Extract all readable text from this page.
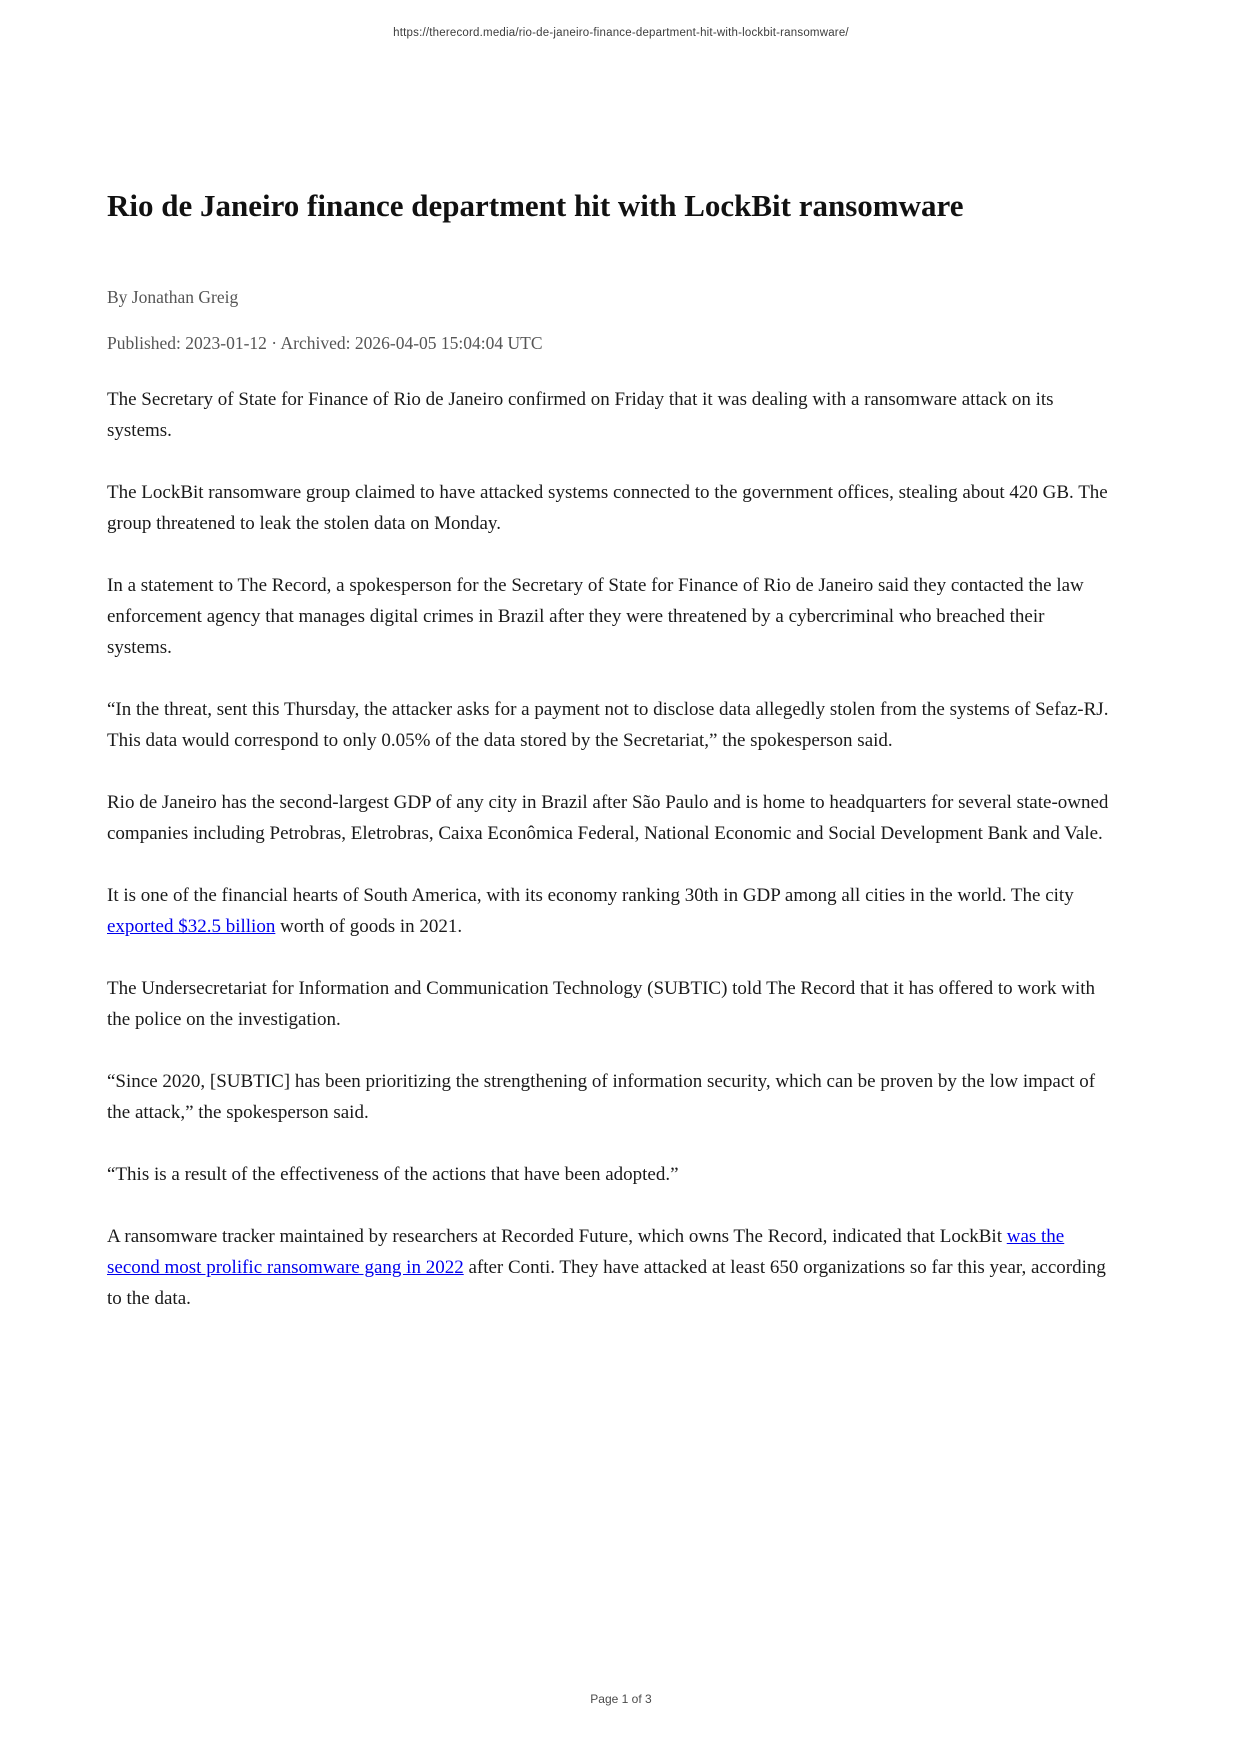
https://therecord.media/rio-de-janeiro-finance-department-hit-with-lockbit-ransomware/
Rio de Janeiro finance department hit with LockBit ransomware

By Jonathan Greig

Published: 2023-01-12 · Archived: 2026-04-05 15:04:04 UTC

The Secretary of State for Finance of Rio de Janeiro confirmed on Friday that it was dealing with a ransomware attack on its systems.

The LockBit ransomware group claimed to have attacked systems connected to the government offices, stealing about 420 GB. The group threatened to leak the stolen data on Monday.

In a statement to The Record, a spokesperson for the Secretary of State for Finance of Rio de Janeiro said they contacted the law enforcement agency that manages digital crimes in Brazil after they were threatened by a cybercriminal who breached their systems.

“In the threat, sent this Thursday, the attacker asks for a payment not to disclose data allegedly stolen from the systems of Sefaz-RJ. This data would correspond to only 0.05% of the data stored by the Secretariat,” the spokesperson said.

Rio de Janeiro has the second-largest GDP of any city in Brazil after São Paulo and is home to headquarters for several state-owned companies including Petrobras, Eletrobras, Caixa Econômica Federal, National Economic and Social Development Bank and Vale.

It is one of the financial hearts of South America, with its economy ranking 30th in GDP among all cities in the world. The city exported $32.5 billion worth of goods in 2021.

The Undersecretariat for Information and Communication Technology (SUBTIC) told The Record that it has offered to work with the police on the investigation.

“Since 2020, [SUBTIC] has been prioritizing the strengthening of information security, which can be proven by the low impact of the attack,” the spokesperson said.

“This is a result of the effectiveness of the actions that have been adopted.”

A ransomware tracker maintained by researchers at Recorded Future, which owns The Record, indicated that LockBit was the second most prolific ransomware gang in 2022 after Conti. They have attacked at least 650 organizations so far this year, according to the data.

Page 1 of 3
